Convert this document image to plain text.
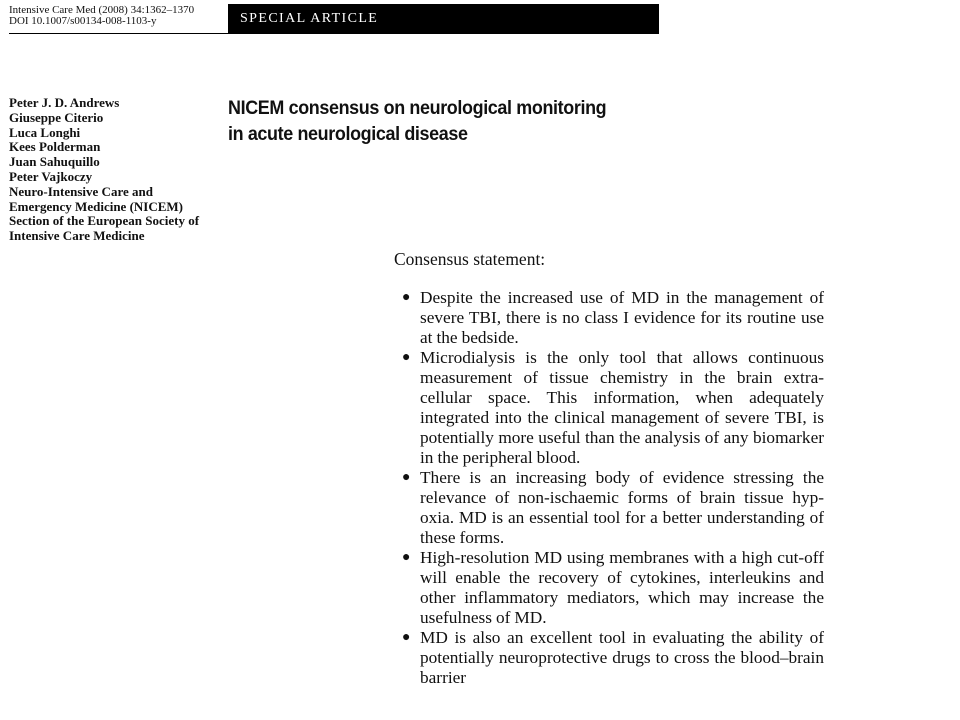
Intensive Care Med (2008) 34:1362–1370
DOI 10.1007/s00134-008-1103-y	SPECIAL ARTICLE
Peter J. D. Andrews
Giuseppe Citerio
Luca Longhi
Kees Polderman
Juan Sahuquillo
Peter Vajkoczy
Neuro-Intensive Care and
Emergency Medicine (NICEM)
Section of the European Society of
Intensive Care Medicine
NICEM consensus on neurological monitoring
in acute neurological disease
Consensus statement:
● Despite the increased use of MD in the management of severe TBI, there is no class I evidence for its routine use at the bedside.
● Microdialysis is the only tool that allows continuous measurement of tissue chemistry in the brain extra-cellular space. This information, when adequately integrated into the clinical management of severe TBI, is potentially more useful than the analysis of any biomarker in the peripheral blood.
● There is an increasing body of evidence stressing the relevance of non-ischaemic forms of brain tissue hyp-oxia. MD is an essential tool for a better understanding of these forms.
● High-resolution MD using membranes with a high cut-off will enable the recovery of cytokines, interleukins and other inflammatory mediators, which may increase the usefulness of MD.
● MD is also an excellent tool in evaluating the ability of potentially neuroprotective drugs to cross the blood–brain barrier
